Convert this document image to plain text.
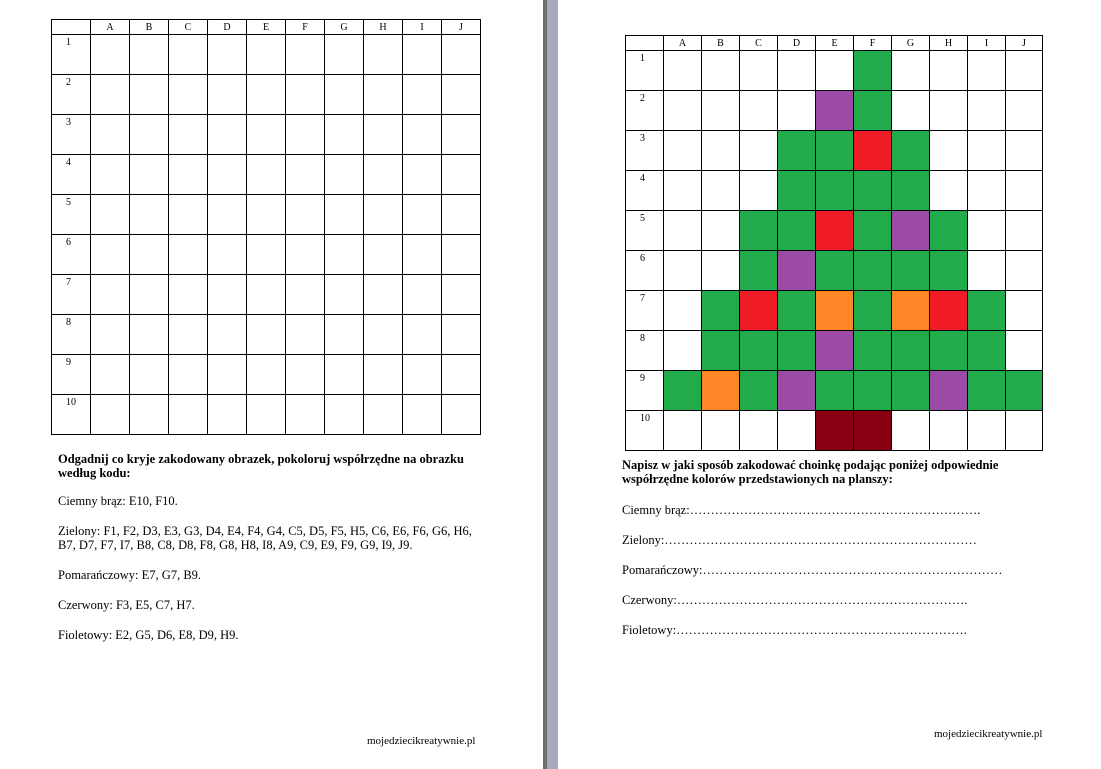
	A	B	C	D	E	F	G	H	I	J
1										
2										
3										
4										
5										
6										
7										
8										
9										
10										

Odgadnij co kryje zakodowany obrazek, pokoloruj współrzędne na obrazku według kodu:

Ciemny brąz: E10, F10.

Zielony: F1, F2, D3, E3, G3, D4, E4, F4, G4, C5, D5, F5, H5, C6, E6, F6, G6, H6, B7, D7, F7, I7, B8, C8, D8, F8, G8, H8, I8, A9, C9, E9, F9, G9, I9, J9.

Pomarańczowy: E7, G7, B9.

Czerwony: F3, E5, C7, H7.

Fioletowy: E2, G5, D6, E8, D9, H9.

mojedziecikreatywnie.pl
	A	B	C	D	E	F	G	H	I	J
1										
2										
3										
4										
5										
6										
7										
8										
9										
10										

Napisz w jaki sposób zakodować choinkę podając poniżej odpowiednie współrzędne kolorów przedstawionych na planszy:

Ciemny brąz:…………………………………………………………….
Zielony:…………………………………………………………………
Pomarańczowy:………………………………………………………………
Czerwony:…………………………………………………………….
Fioletowy:…………………………………………………………….
mojedziecikreatywnie.pl
